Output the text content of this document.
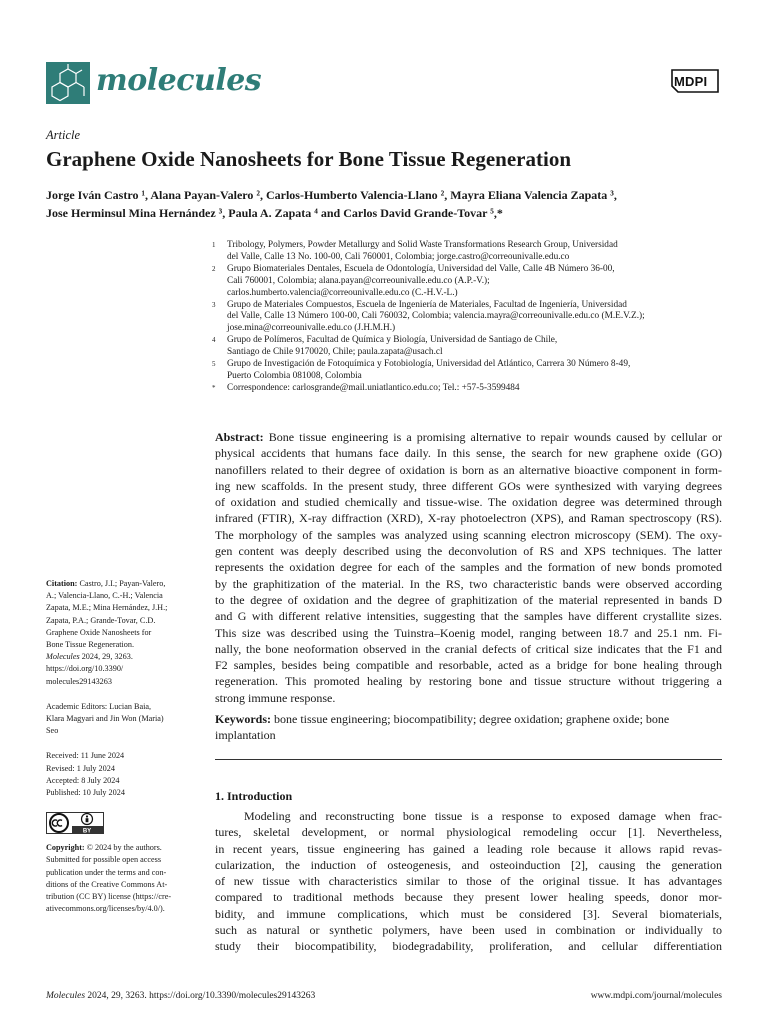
molecules	MDPI
Article
Graphene Oxide Nanosheets for Bone Tissue Regeneration

Jorge Iván Castro ¹, Alana Payan-Valero ², Carlos-Humberto Valencia-Llano ², Mayra Eliana Valencia Zapata ³,

Jose Herminsul Mina Hernández ³, Paula A. Zapata ⁴ and Carlos David Grande-Tovar ⁵,*

1 Tribology, Polymers, Powder Metallurgy and Solid Waste Transformations Research Group, Universidad
del Valle, Calle 13 No. 100-00, Cali 760001, Colombia; jorge.castro@correounivalle.edu.co
2 Grupo Biomateriales Dentales, Escuela de Odontología, Universidad del Valle, Calle 4B Número 36-00,
Cali 760001, Colombia; alana.payan@correounivalle.edu.co (A.P.-V.);
carlos.humberto.valencia@correounivalle.edu.co (C.-H.V.-L.)
3 Grupo de Materiales Compuestos, Escuela de Ingeniería de Materiales, Facultad de Ingeniería, Universidad
del Valle, Calle 13 Número 100-00, Cali 760032, Colombia; valencia.mayra@correounivalle.edu.co (M.E.V.Z.);
jose.mina@correounivalle.edu.co (J.H.M.H.)
4 Grupo de Polímeros, Facultad de Química y Biología, Universidad de Santiago de Chile,
Santiago de Chile 9170020, Chile; paula.zapata@usach.cl
5 Grupo de Investigación de Fotoquímica y Fotobiología, Universidad del Atlántico, Carrera 30 Número 8-49,
Puerto Colombia 081008, Colombia
* Correspondence: carlosgrande@mail.uniatlantico.edu.co; Tel.: +57-5-3599484

Abstract: Bone tissue engineering is a promising alternative to repair wounds caused by cellular or

physical accidents that humans face daily. In this sense, the search for new graphene oxide (GO)

nanofillers related to their degree of oxidation is born as an alternative bioactive component in form-

ing new scaffolds. In the present study, three different GOs were synthesized with varying degrees

of oxidation and studied chemically and tissue-wise. The oxidation degree was determined through

infrared (FTIR), X-ray diffraction (XRD), X-ray photoelectron (XPS), and Raman spectroscopy (RS).

The morphology of the samples was analyzed using scanning electron microscopy (SEM). The oxy-

gen content was deeply described using the deconvolution of RS and XPS techniques. The latter

represents the oxidation degree for each of the samples and the formation of new bonds promoted

by the graphitization of the material. In the RS, two characteristic bands were observed according

to the degree of oxidation and the degree of graphitization of the material represented in bands D

and G with different relative intensities, suggesting that the samples have different crystallite sizes.

This size was described using the Tuinstra–Koenig model, ranging between 18.7 and 25.1 nm. Fi-

nally, the bone neoformation observed in the cranial defects of critical size indicates that the F1 and

F2 samples, besides being compatible and resorbable, acted as a bridge for bone healing through

regeneration. This promoted healing by restoring bone and tissue structure without triggering a

strong immune response.

Keywords: bone tissue engineering; biocompatibility; degree oxidation; graphene oxide; bone

implantation

1. Introduction

Modeling and reconstructing bone tissue is a response to exposed damage when frac-

tures, skeletal development, or normal physiological remodeling occur [1]. Nevertheless,

in recent years, tissue engineering has gained a leading role because it allows rapid revas-

cularization, the induction of osteogenesis, and osteoinduction [2], causing the generation

of new tissue with characteristics similar to those of the original tissue. It has advantages

compared to traditional methods because they present lower healing speeds, donor mor-

bidity, and immune complications, which must be considered [3]. Several biomaterials,

such as natural or synthetic polymers, have been used in combination or individually to

study their biocompatibility, biodegradability, proliferation, and cellular differentiation

Citation: Castro, J.I.; Payan-Valero,
A.; Valencia-Llano, C.-H.; Valencia
Zapata, M.E.; Mina Hernández, J.H.;
Zapata, P.A.; Grande-Tovar, C.D.
Graphene Oxide Nanosheets for
Bone Tissue Regeneration.
Molecules 2024, 29, 3263.
https://doi.org/10.3390/
molecules29143263
Academic Editors: Lucian Baia,
Klara Magyari and Jin Won (Maria)
Seo
Received: 11 June 2024
Revised: 1 July 2024
Accepted: 8 July 2024
Published: 10 July 2024
BY
Copyright: © 2024 by the authors.
Submitted for possible open access
publication under the terms and con-
ditions of the Creative Commons At-
tribution (CC BY) license (https://cre-
ativecommons.org/licenses/by/4.0/).
Molecules 2024, 29, 3263. https://doi.org/10.3390/molecules29143263	www.mdpi.com/journal/molecules
